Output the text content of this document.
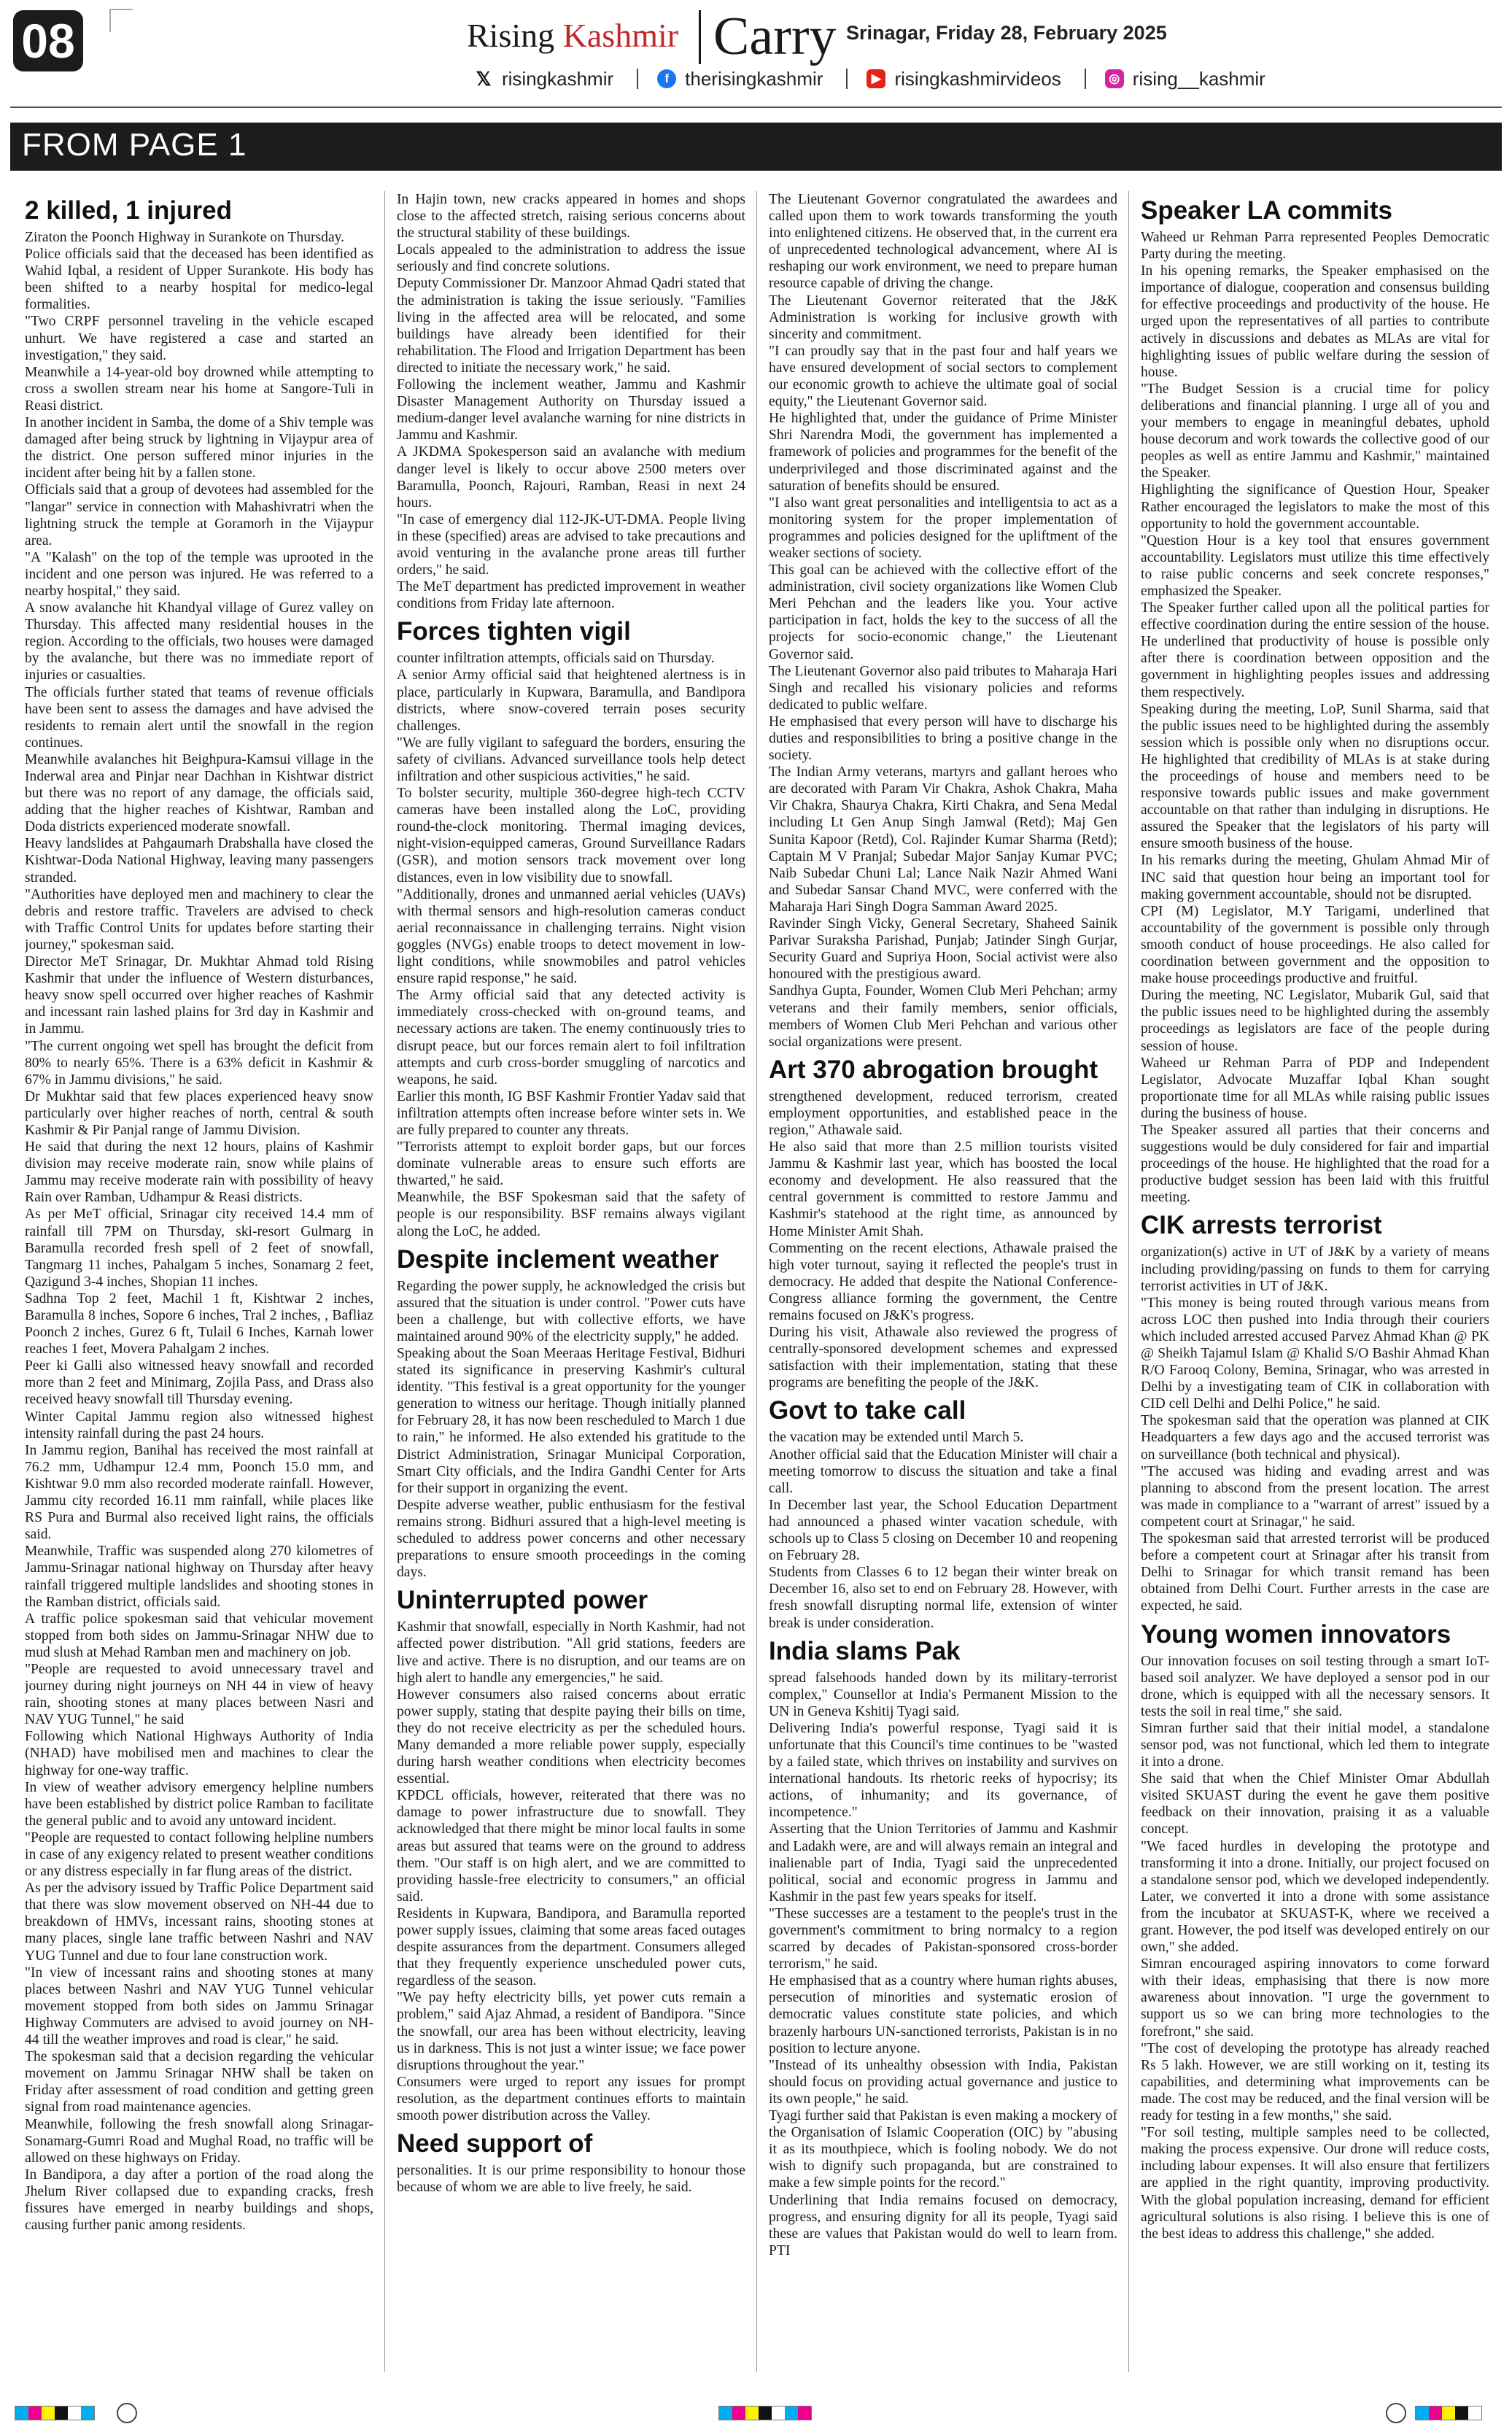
08	Rising Kashmir Carry Srinagar, Friday 28, February 2025
𝕏 risingkashmir	f therisingkashmir	▶ risingkashmirvideos	◎ rising__kashmir
FROM PAGE 1
2 killed, 1 injured

Ziraton the Poonch Highway in Surankote on Thursday.

Police officials said that the deceased has been identified as Wahid Iqbal, a resident of Upper Surankote. His body has been shifted to a nearby hospital for medico-legal formalities.

"Two CRPF personnel traveling in the vehicle escaped unhurt. We have registered a case and started an investigation," they said.

Meanwhile a 14-year-old boy drowned while attempting to cross a swollen stream near his home at Sangore-Tuli in Reasi district.

In another incident in Samba, the dome of a Shiv temple was damaged after being struck by lightning in Vijaypur area of the district. One person suffered minor injuries in the incident after being hit by a fallen stone.

Officials said that a group of devotees had assembled for the "langar" service in connection with Mahashivratri when the lightning struck the temple at Goramorh in the Vijaypur area.

"A "Kalash" on the top of the temple was uprooted in the incident and one person was injured. He was referred to a nearby hospital," they said.

A snow avalanche hit Khandyal village of Gurez valley on Thursday. This affected many residential houses in the region. According to the officials, two houses were damaged by the avalanche, but there was no immediate report of injuries or casualties.

The officials further stated that teams of revenue officials have been sent to assess the damages and have advised the residents to remain alert until the snowfall in the region continues.

Meanwhile avalanches hit Beighpura-Kamsui village in the Inderwal area and Pinjar near Dachhan in Kishtwar district but there was no report of any damage, the officials said, adding that the higher reaches of Kishtwar, Ramban and Doda districts experienced moderate snowfall.

Heavy landslides at Pahgaumarh Drabshalla have closed the Kishtwar-Doda National Highway, leaving many passengers stranded.

"Authorities have deployed men and machinery to clear the debris and restore traffic. Travelers are advised to check with Traffic Control Units for updates before starting their journey," spokesman said.

Director MeT Srinagar, Dr. Mukhtar Ahmad told Rising Kashmir that under the influence of Western disturbances, heavy snow spell occurred over higher reaches of Kashmir and incessant rain lashed plains for 3rd day in Kashmir and in Jammu.

"The current ongoing wet spell has brought the deficit from 80% to nearly 65%. There is a 63% deficit in Kashmir & 67% in Jammu divisions," he said.

Dr Mukhtar said that few places experienced heavy snow particularly over higher reaches of north, central & south Kashmir & Pir Panjal range of Jammu Division.

He said that during the next 12 hours, plains of Kashmir division may receive moderate rain, snow while plains of Jammu may receive moderate rain with possibility of heavy Rain over Ramban, Udhampur & Reasi districts.

As per MeT official, Srinagar city received 14.4 mm of rainfall till 7PM on Thursday, ski-resort Gulmarg in Baramulla recorded fresh spell of 2 feet of snowfall, Tangmarg 11 inches, Pahalgam 5 inches, Sonamarg 2 feet, Qazigund 3-4 inches, Shopian 11 inches.

Sadhna Top 2 feet, Machil 1 ft, Kishtwar 2 inches, Baramulla 8 inches, Sopore 6 inches, Tral 2 inches, , Bafliaz Poonch 2 inches, Gurez 6 ft, Tulail 6 Inches, Karnah lower reaches 1 feet, Movera Pahalgam 2 inches.

Peer ki Galli also witnessed heavy snowfall and recorded more than 2 feet and Minimarg, Zojila Pass, and Drass also received heavy snowfall till Thursday evening.

Winter Capital Jammu region also witnessed highest intensity rainfall during the past 24 hours.

In Jammu region, Banihal has received the most rainfall at 76.2 mm, Udhampur 12.4 mm, Poonch 15.0 mm, and Kishtwar 9.0 mm also recorded moderate rainfall. However, Jammu city recorded 16.11 mm rainfall, while places like RS Pura and Burmal also received light rains, the officials said.

Meanwhile, Traffic was suspended along 270 kilometres of Jammu-Srinagar national highway on Thursday after heavy rainfall triggered multiple landslides and shooting stones in the Ramban district, officials said.

A traffic police spokesman said that vehicular movement stopped from both sides on Jammu-Srinagar NHW due to mud slush at Mehad Ramban men and machinery on job.

"People are requested to avoid unnecessary travel and journey during night journeys on NH 44 in view of heavy rain, shooting stones at many places between Nasri and NAV YUG Tunnel," he said

Following which National Highways Authority of India (NHAD) have mobilised men and machines to clear the highway for one-way traffic.

In view of weather advisory emergency helpline numbers have been established by district police Ramban to facilitate the general public and to avoid any untoward incident.

"People are requested to contact following helpline numbers in case of any exigency related to present weather conditions or any distress especially in far flung areas of the district.

As per the advisory issued by Traffic Police Department said that there was slow movement observed on NH-44 due to breakdown of HMVs, incessant rains, shooting stones at many places, single lane traffic between Nashri and NAV YUG Tunnel and due to four lane construction work.

"In view of incessant rains and shooting stones at many places between Nashri and NAV YUG Tunnel vehicular movement stopped from both sides on Jammu Srinagar Highway Commuters are advised to avoid journey on NH-44 till the weather improves and road is clear," he said.

The spokesman said that a decision regarding the vehicular movement on Jammu Srinagar NHW shall be taken on Friday after assessment of road condition and getting green signal from road maintenance agencies.

Meanwhile, following the fresh snowfall along Srinagar-Sonamarg-Gumri Road and Mughal Road, no traffic will be allowed on these highways on Friday.

In Bandipora, a day after a portion of the road along the Jhelum River collapsed due to expanding cracks, fresh fissures have emerged in nearby buildings and shops, causing further panic among residents.

In Hajin town, new cracks appeared in homes and shops close to the affected stretch, raising serious concerns about the structural stability of these buildings.

Locals appealed to the administration to address the issue seriously and find concrete solutions.

Deputy Commissioner Dr. Manzoor Ahmad Qadri stated that the administration is taking the issue seriously. "Families living in the affected area will be relocated, and some buildings have already been identified for their rehabilitation. The Flood and Irrigation Department has been directed to initiate the necessary work," he said.

Following the inclement weather, Jammu and Kashmir Disaster Management Authority on Thursday issued a medium-danger level avalanche warning for nine districts in Jammu and Kashmir.

A JKDMA Spokesperson said an avalanche with medium danger level is likely to occur above 2500 meters over Baramulla, Poonch, Rajouri, Ramban, Reasi in next 24 hours.

"In case of emergency dial 112-JK-UT-DMA. People living in these (specified) areas are advised to take precautions and avoid venturing in the avalanche prone areas till further orders," he said.

The MeT department has predicted improvement in weather conditions from Friday late afternoon.

Forces tighten vigil

counter infiltration attempts, officials said on Thursday.

A senior Army official said that heightened alertness is in place, particularly in Kupwara, Baramulla, and Bandipora districts, where snow-covered terrain poses security challenges.

"We are fully vigilant to safeguard the borders, ensuring the safety of civilians. Advanced surveillance tools help detect infiltration and other suspicious activities," he said.

To bolster security, multiple 360-degree high-tech CCTV cameras have been installed along the LoC, providing round-the-clock monitoring. Thermal imaging devices, night-vision-equipped cameras, Ground Surveillance Radars (GSR), and motion sensors track movement over long distances, even in low visibility due to snowfall.

"Additionally, drones and unmanned aerial vehicles (UAVs) with thermal sensors and high-resolution cameras conduct aerial reconnaissance in challenging terrains. Night vision goggles (NVGs) enable troops to detect movement in low-light conditions, while snowmobiles and patrol vehicles ensure rapid response," he said.

The Army official said that any detected activity is immediately cross-checked with on-ground teams, and necessary actions are taken. The enemy continuously tries to disrupt peace, but our forces remain alert to foil infiltration attempts and curb cross-border smuggling of narcotics and weapons, he said.

Earlier this month, IG BSF Kashmir Frontier Yadav said that infiltration attempts often increase before winter sets in. We are fully prepared to counter any threats.

"Terrorists attempt to exploit border gaps, but our forces dominate vulnerable areas to ensure such efforts are thwarted," he said.

Meanwhile, the BSF Spokesman said that the safety of people is our responsibility. BSF remains always vigilant along the LoC, he added.

Despite inclement weather

Regarding the power supply, he acknowledged the crisis but assured that the situation is under control. "Power cuts have been a challenge, but with collective efforts, we have maintained around 90% of the electricity supply," he added.

Speaking about the Soan Meeraas Heritage Festival, Bidhuri stated its significance in preserving Kashmir's cultural identity. "This festival is a great opportunity for the younger generation to witness our heritage. Though initially planned for February 28, it has now been rescheduled to March 1 due to rain," he informed. He also extended his gratitude to the District Administration, Srinagar Municipal Corporation, Smart City officials, and the Indira Gandhi Center for Arts for their support in organizing the event.

Despite adverse weather, public enthusiasm for the festival remains strong. Bidhuri assured that a high-level meeting is scheduled to address power concerns and other necessary preparations to ensure smooth proceedings in the coming days.

Uninterrupted power

Kashmir that snowfall, especially in North Kashmir, had not affected power distribution. "All grid stations, feeders are live and active. There is no disruption, and our teams are on high alert to handle any emergencies," he said.

However consumers also raised concerns about erratic power supply, stating that despite paying their bills on time, they do not receive electricity as per the scheduled hours. Many demanded a more reliable power supply, especially during harsh weather conditions when electricity becomes essential.

KPDCL officials, however, reiterated that there was no damage to power infrastructure due to snowfall. They acknowledged that there might be minor local faults in some areas but assured that teams were on the ground to address them. "Our staff is on high alert, and we are committed to providing hassle-free electricity to consumers," an official said.

Residents in Kupwara, Bandipora, and Baramulla reported power supply issues, claiming that some areas faced outages despite assurances from the department. Consumers alleged that they frequently experience unscheduled power cuts, regardless of the season.

"We pay hefty electricity bills, yet power cuts remain a problem," said Ajaz Ahmad, a resident of Bandipora. "Since the snowfall, our area has been without electricity, leaving us in darkness. This is not just a winter issue; we face power disruptions throughout the year."

Consumers were urged to report any issues for prompt resolution, as the department continues efforts to maintain smooth power distribution across the Valley.

Need support of

personalities. It is our prime responsibility to honour those because of whom we are able to live freely, he said.

The Lieutenant Governor congratulated the awardees and called upon them to work towards transforming the youth into enlightened citizens. He observed that, in the current era of unprecedented technological advancement, where AI is reshaping our work environment, we need to prepare human resource capable of driving the change.

The Lieutenant Governor reiterated that the J&K Administration is working for inclusive growth with sincerity and commitment.

"I can proudly say that in the past four and half years we have ensured development of social sectors to complement our economic growth to achieve the ultimate goal of social equity," the Lieutenant Governor said.

He highlighted that, under the guidance of Prime Minister Shri Narendra Modi, the government has implemented a framework of policies and programmes for the benefit of the underprivileged and those discriminated against and the saturation of benefits should be ensured.

"I also want great personalities and intelligentsia to act as a monitoring system for the proper implementation of programmes and policies designed for the upliftment of the weaker sections of society.

This goal can be achieved with the collective effort of the administration, civil society organizations like Women Club Meri Pehchan and the leaders like you. Your active participation in fact, holds the key to the success of all the projects for socio-economic change," the Lieutenant Governor said.

The Lieutenant Governor also paid tributes to Maharaja Hari Singh and recalled his visionary policies and reforms dedicated to public welfare.

He emphasised that every person will have to discharge his duties and responsibilities to bring a positive change in the society.

The Indian Army veterans, martyrs and gallant heroes who are decorated with Param Vir Chakra, Ashok Chakra, Maha Vir Chakra, Shaurya Chakra, Kirti Chakra, and Sena Medal including Lt Gen Anup Singh Jamwal (Retd); Maj Gen Sunita Kapoor (Retd), Col. Rajinder Kumar Sharma (Retd); Captain M V Pranjal; Subedar Major Sanjay Kumar PVC; Naib Subedar Chuni Lal; Lance Naik Nazir Ahmed Wani and Subedar Sansar Chand MVC, were conferred with the Maharaja Hari Singh Dogra Samman Award 2025.

Ravinder Singh Vicky, General Secretary, Shaheed Sainik Parivar Suraksha Parishad, Punjab; Jatinder Singh Gurjar, Security Guard and Supriya Hoon, Social activist were also honoured with the prestigious award.

Sandhya Gupta, Founder, Women Club Meri Pehchan; army veterans and their family members, senior officials, members of Women Club Meri Pehchan and various other social organizations were present.

Art 370 abrogation brought

strengthened development, reduced terrorism, created employment opportunities, and established peace in the region," Athawale said.

He also said that more than 2.5 million tourists visited Jammu & Kashmir last year, which has boosted the local economy and development. He also reassured that the central government is committed to restore Jammu and Kashmir's statehood at the right time, as announced by Home Minister Amit Shah.

Commenting on the recent elections, Athawale praised the high voter turnout, saying it reflected the people's trust in democracy. He added that despite the National Conference-Congress alliance forming the government, the Centre remains focused on J&K's progress.

During his visit, Athawale also reviewed the progress of centrally-sponsored development schemes and expressed satisfaction with their implementation, stating that these programs are benefiting the people of the J&K.

Govt to take call

the vacation may be extended until March 5.

Another official said that the Education Minister will chair a meeting tomorrow to discuss the situation and take a final call.

In December last year, the School Education Department had announced a phased winter vacation schedule, with schools up to Class 5 closing on December 10 and reopening on February 28.

Students from Classes 6 to 12 began their winter break on December 16, also set to end on February 28. However, with fresh snowfall disrupting normal life, extension of winter break is under consideration.

India slams Pak

spread falsehoods handed down by its military-terrorist complex," Counsellor at India's Permanent Mission to the UN in Geneva Kshitij Tyagi said.

Delivering India's powerful response, Tyagi said it is unfortunate that this Council's time continues to be "wasted by a failed state, which thrives on instability and survives on international handouts. Its rhetoric reeks of hypocrisy; its actions, of inhumanity; and its governance, of incompetence."

Asserting that the Union Territories of Jammu and Kashmir and Ladakh were, are and will always remain an integral and inalienable part of India, Tyagi said the unprecedented political, social and economic progress in Jammu and Kashmir in the past few years speaks for itself.

"These successes are a testament to the people's trust in the government's commitment to bring normalcy to a region scarred by decades of Pakistan-sponsored cross-border terrorism," he said.

He emphasised that as a country where human rights abuses, persecution of minorities and systematic erosion of democratic values constitute state policies, and which brazenly harbours UN-sanctioned terrorists, Pakistan is in no position to lecture anyone.

"Instead of its unhealthy obsession with India, Pakistan should focus on providing actual governance and justice to its own people," he said.

Tyagi further said that Pakistan is even making a mockery of the Organisation of Islamic Cooperation (OIC) by "abusing it as its mouthpiece, which is fooling nobody. We do not wish to dignify such propaganda, but are constrained to make a few simple points for the record."

Underlining that India remains focused on democracy, progress, and ensuring dignity for all its people, Tyagi said these are values that Pakistan would do well to learn from. PTI

Speaker LA commits

Waheed ur Rehman Parra represented Peoples Democratic Party during the meeting.

In his opening remarks, the Speaker emphasised on the importance of dialogue, cooperation and consensus building for effective proceedings and productivity of the house. He urged upon the representatives of all parties to contribute actively in discussions and debates as MLAs are vital for highlighting issues of public welfare during the session of house.

"The Budget Session is a crucial time for policy deliberations and financial planning. I urge all of you and your members to engage in meaningful debates, uphold house decorum and work towards the collective good of our peoples as well as entire Jammu and Kashmir," maintained the Speaker.

Highlighting the significance of Question Hour, Speaker Rather encouraged the legislators to make the most of this opportunity to hold the government accountable.

"Question Hour is a key tool that ensures government accountability. Legislators must utilize this time effectively to raise public concerns and seek concrete responses," emphasized the Speaker.

The Speaker further called upon all the political parties for effective coordination during the entire session of the house. He underlined that productivity of house is possible only after there is coordination between opposition and the government in highlighting peoples issues and addressing them respectively.

Speaking during the meeting, LoP, Sunil Sharma, said that the public issues need to be highlighted during the assembly session which is possible only when no disruptions occur. He highlighted that credibility of MLAs is at stake during the proceedings of house and members need to be responsive towards public issues and make government accountable on that rather than indulging in disruptions. He assured the Speaker that the legislators of his party will ensure smooth business of the house.

In his remarks during the meeting, Ghulam Ahmad Mir of INC said that question hour being an important tool for making government accountable, should not be disrupted.

CPI (M) Legislator, M.Y Tarigami, underlined that accountability of the government is possible only through smooth conduct of house proceedings. He also called for coordination between government and the opposition to make house proceedings productive and fruitful.

During the meeting, NC Legislator, Mubarik Gul, said that the public issues need to be highlighted during the assembly proceedings as legislators are face of the people during session of house.

Waheed ur Rehman Parra of PDP and Independent Legislator, Advocate Muzaffar Iqbal Khan sought proportionate time for all MLAs while raising public issues during the business of house.

The Speaker assured all parties that their concerns and suggestions would be duly considered for fair and impartial proceedings of the house. He highlighted that the road for a productive budget session has been laid with this fruitful meeting.

CIK arrests terrorist

organization(s) active in UT of J&K by a variety of means including providing/passing on funds to them for carrying terrorist activities in UT of J&K.

"This money is being routed through various means from across LOC then pushed into India through their couriers which included arrested accused Parvez Ahmad Khan @ PK @ Sheikh Tajamul Islam @ Khalid S/O Bashir Ahmad Khan R/O Farooq Colony, Bemina, Srinagar, who was arrested in Delhi by a investigating team of CIK in collaboration with CID cell Delhi and Delhi Police," he said.

The spokesman said that the operation was planned at CIK Headquarters a few days ago and the accused terrorist was on surveillance (both technical and physical).

"The accused was hiding and evading arrest and was planning to abscond from the present location. The arrest was made in compliance to a "warrant of arrest" issued by a competent court at Srinagar," he said.

The spokesman said that arrested terrorist will be produced before a competent court at Srinagar after his transit from Delhi to Srinagar for which transit remand has been obtained from Delhi Court. Further arrests in the case are expected, he said.

Young women innovators

Our innovation focuses on soil testing through a smart IoT-based soil analyzer. We have deployed a sensor pod in our drone, which is equipped with all the necessary sensors. It tests the soil in real time," she said.

Simran further said that their initial model, a standalone sensor pod, was not functional, which led them to integrate it into a drone.

She said that when the Chief Minister Omar Abdullah visited SKUAST during the event he gave them positive feedback on their innovation, praising it as a valuable concept.

"We faced hurdles in developing the prototype and transforming it into a drone. Initially, our project focused on a standalone sensor pod, which we developed independently. Later, we converted it into a drone with some assistance from the incubator at SKUAST-K, where we received a grant. However, the pod itself was developed entirely on our own," she added.

Simran encouraged aspiring innovators to come forward with their ideas, emphasising that there is now more awareness about innovation. "I urge the government to support us so we can bring more technologies to the forefront," she said.

"The cost of developing the prototype has already reached Rs 5 lakh. However, we are still working on it, testing its capabilities, and determining what improvements can be made. The cost may be reduced, and the final version will be ready for testing in a few months," she said.

"For soil testing, multiple samples need to be collected, making the process expensive. Our drone will reduce costs, including labour expenses. It will also ensure that fertilizers are applied in the right quantity, improving productivity. With the global population increasing, demand for efficient agricultural solutions is also rising. I believe this is one of the best ideas to address this challenge," she added.
